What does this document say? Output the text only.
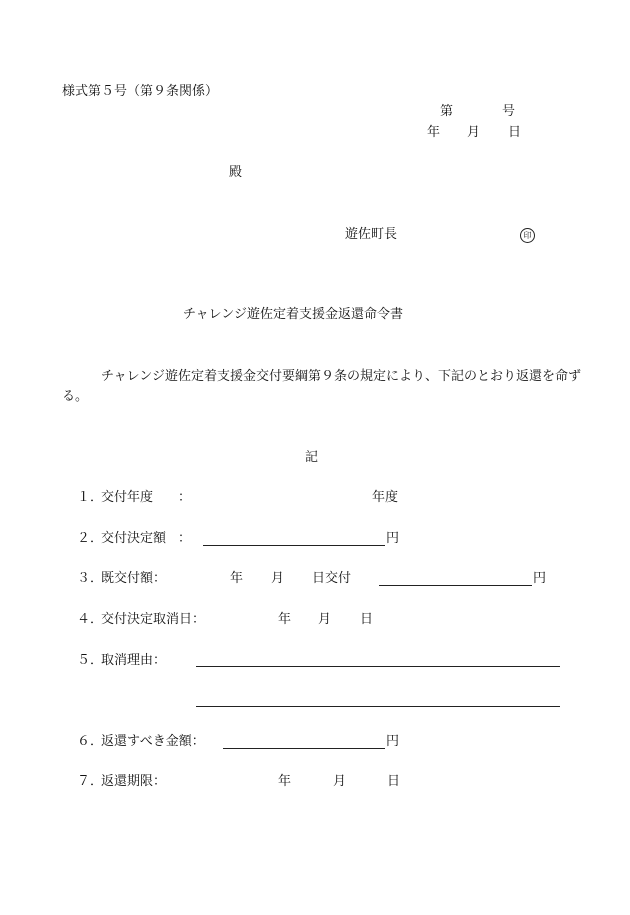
様式第５号（第９条関係）
第	号
年 月 日
殿
遊佐町長	印
チャレンジ遊佐定着支援金返還命令書
チャレンジ遊佐定着支援金交付要綱第９条の規定により、下記のとおり返還を命ずる。
記
１．
交付年度 ：	年度
２．
交付決定額 ：	円
３．
既交付額：	年 月 日交付	円
４．
交付決定取消日：	年 月 日
５．
取消理由：
６．
返還すべき金額：	円
７．
返還期限：	年	月	日
